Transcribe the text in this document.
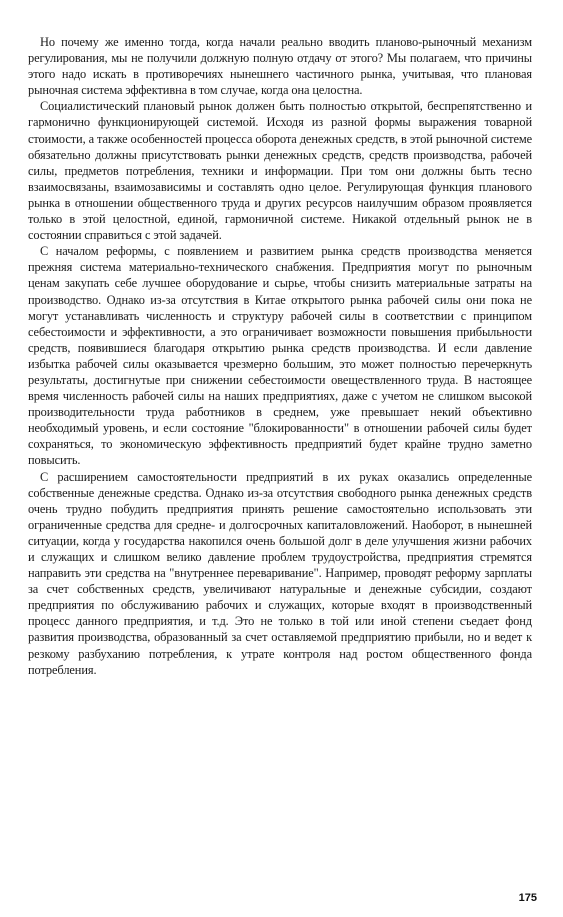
Но почему же именно тогда, когда начали реально вводить планово-рыночный механизм регулирования, мы не получили должную полную отдачу от этого? Мы полагаем, что причины этого надо искать в противоречиях нынешнего частичного рынка, учитывая, что плановая рыночная система эффективна в том случае, когда она целостна.

Социалистический плановый рынок должен быть полностью открытой, беспрепятственно и гармонично функционирующей системой. Исходя из разной формы выражения товарной стоимости, а также особенностей процесса оборота денежных средств, в этой рыночной системе обязательно должны присутствовать рынки денежных средств, средств производства, рабочей силы, предметов потребления, техники и информации. При том они должны быть тесно взаимосвязаны, взаимозависимы и составлять одно целое. Регулирующая функция планового рынка в отношении общественного труда и других ресурсов наилучшим образом проявляется только в этой целостной, единой, гармоничной системе. Никакой отдельный рынок не в состоянии справиться с этой задачей.

С началом реформы, с появлением и развитием рынка средств производства меняется прежняя система материально-технического снабжения. Предприятия могут по рыночным ценам закупать себе лучшее оборудование и сырье, чтобы снизить материальные затраты на производство. Однако из-за отсутствия в Китае открытого рынка рабочей силы они пока не могут устанавливать численность и структуру рабочей силы в соответствии с принципом себестоимости и эффективности, а это ограничивает возможности повышения прибыльности средств, появившиеся благодаря открытию рынка средств производства. И если давление избытка рабочей силы оказывается чрезмерно большим, это может полностью перечеркнуть результаты, достигнутые при снижении себестоимости овеществленного труда. В настоящее время численность рабочей силы на наших предприятиях, даже с учетом не слишком высокой производительности труда работников в среднем, уже превышает некий объективно необходимый уровень, и если состояние "блокированности" в отношении рабочей силы будет сохраняться, то экономическую эффективность предприятий будет крайне трудно заметно повысить.

С расширением самостоятельности предприятий в их руках оказались определенные собственные денежные средства. Однако из-за отсутствия свободного рынка денежных средств очень трудно побудить предприятия принять решение самостоятельно использовать эти ограниченные средства для средне- и долгосрочных капиталовложений. Наоборот, в нынешней ситуации, когда у государства накопился очень большой долг в деле улучшения жизни рабочих и служащих и слишком велико давление проблем трудоустройства, предприятия стремятся направить эти средства на "внутреннее переваривание". Например, проводят реформу зарплаты за счет собственных средств, увеличивают натуральные и денежные субсидии, создают предприятия по обслуживанию рабочих и служащих, которые входят в производственный процесс данного предприятия, и т.д. Это не только в той или иной степени съедает фонд развития производства, образованный за счет оставляемой предприятию прибыли, но и ведет к резкому разбуханию потребления, к утрате контроля над ростом общественного фонда потребления.

175
